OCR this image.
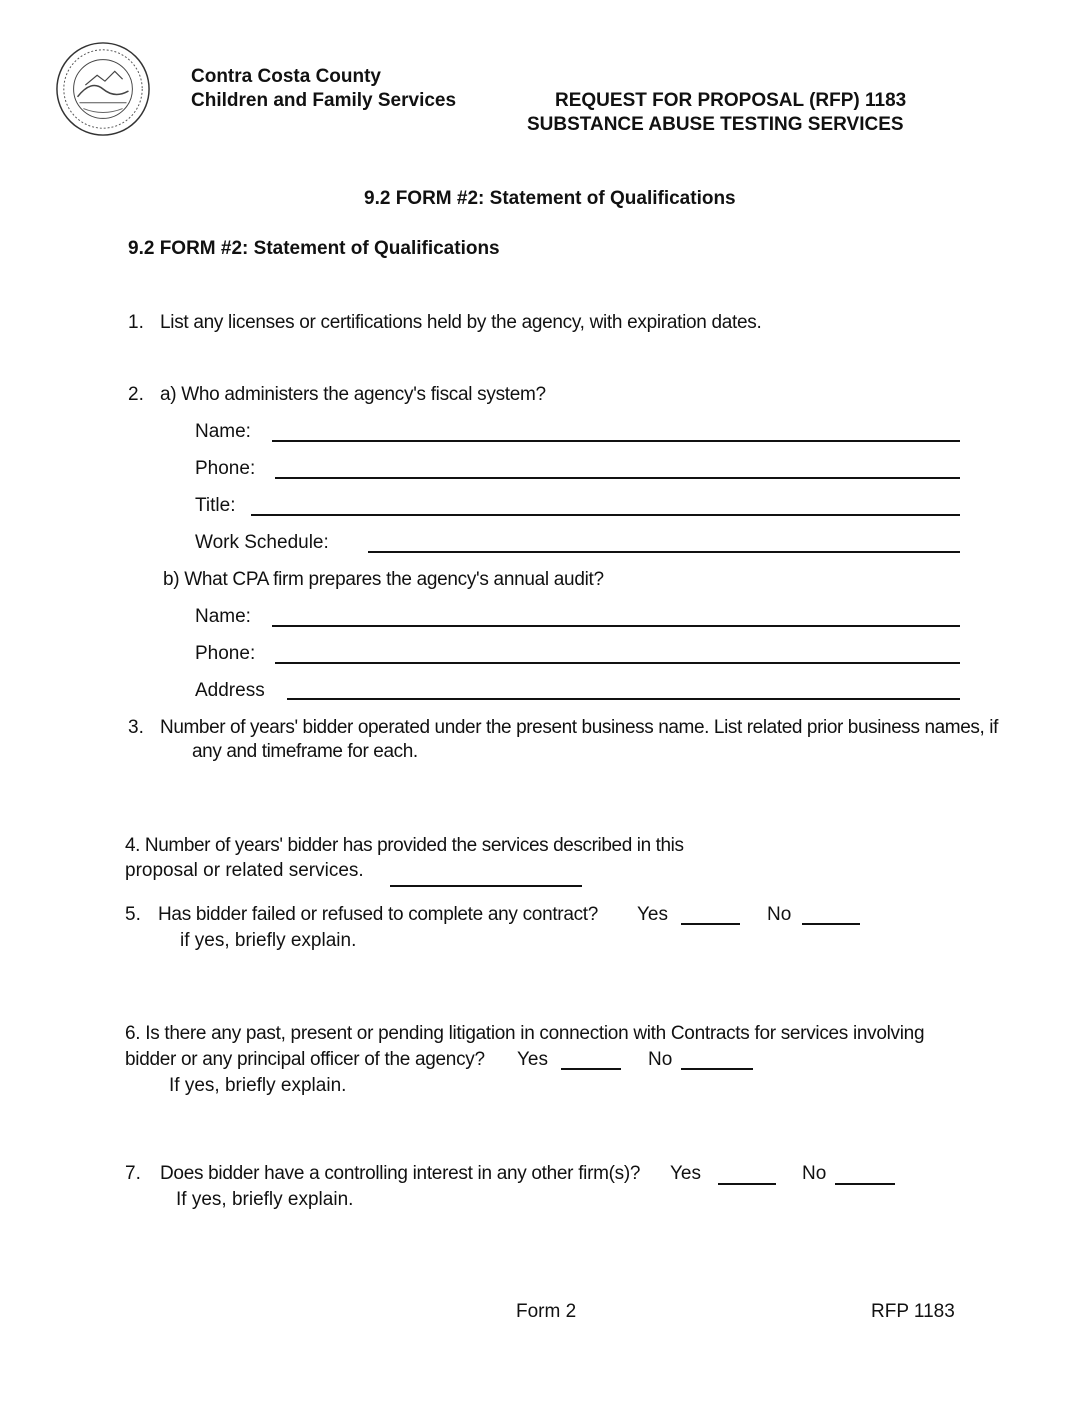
Contra Costa County
Children and Family Services	REQUEST FOR PROPOSAL (RFP) 1183
SUBSTANCE ABUSE TESTING SERVICES
9.2 FORM #2: Statement of Qualifications
9.2 FORM #2: Statement of Qualifications
1. List any licenses or certifications held by the agency, with expiration dates.
2. a) Who administers the agency's fiscal system?
Name:
Phone:
Title:
Work Schedule:
b) What CPA firm prepares the agency's annual audit?
Name:
Phone:
Address
3. Number of years' bidder operated under the present business name. List related prior business names, if
any and timeframe for each.
4. Number of years' bidder has provided the services described in this
proposal or related services.
5. Has bidder failed or refused to complete any contract? Yes	No
if yes, briefly explain.
6. Is there any past, present or pending litigation in connection with Contracts for services involving
bidder or any principal officer of the agency? Yes	No
If yes, briefly explain.
7. Does bidder have a controlling interest in any other firm(s)? Yes	No
If yes, briefly explain.
Form 2	RFP 1183
